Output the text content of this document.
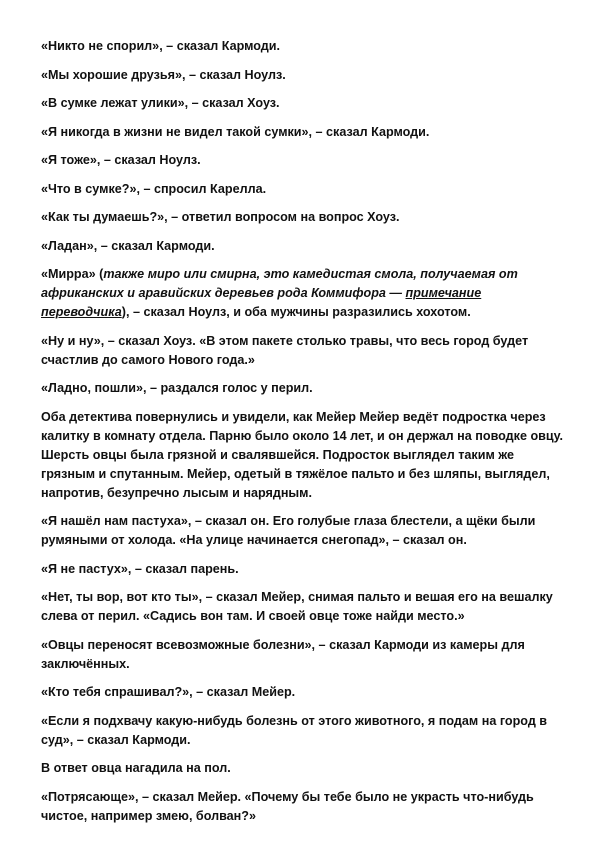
«Никто не спорил», – сказал Кармоди.

«Мы хорошие друзья», – сказал Ноулз.

«В сумке лежат улики», – сказал Хоуз.

«Я никогда в жизни не видел такой сумки», – сказал Кармоди.

«Я тоже», – сказал Ноулз.

«Что в сумке?», – спросил Карелла.

«Как ты думаешь?», – ответил вопросом на вопрос Хоуз.

«Ладан», – сказал Кармоди.

«Мирра» (также миро или смирна, это камедистая смола, получаемая от африканских и аравийских деревьев рода Коммифора — примечание переводчика), – сказал Ноулз, и оба мужчины разразились хохотом.

«Ну и ну», – сказал Хоуз. «В этом пакете столько травы, что весь город будет счастлив до самого Нового года.»

«Ладно, пошли», – раздался голос у перил.

Оба детектива повернулись и увидели, как Мейер Мейер ведёт подростка через калитку в комнату отдела. Парню было около 14 лет, и он держал на поводке овцу. Шерсть овцы была грязной и свалявшейся. Подросток выглядел таким же грязным и спутанным. Мейер, одетый в тяжёлое пальто и без шляпы, выглядел, напротив, безупречно лысым и нарядным.

«Я нашёл нам пастуха», – сказал он. Его голубые глаза блестели, а щёки были румяными от холода. «На улице начинается снегопад», – сказал он.

«Я не пастух», – сказал парень.

«Нет, ты вор, вот кто ты», – сказал Мейер, снимая пальто и вешая его на вешалку слева от перил. «Садись вон там. И своей овце тоже найди место.»

«Овцы переносят всевозможные болезни», – сказал Кармоди из камеры для заключённых.

«Кто тебя спрашивал?», – сказал Мейер.

«Если я подхвачу какую-нибудь болезнь от этого животного, я подам на город в суд», – сказал Кармоди.

В ответ овца нагадила на пол.

«Потрясающе», – сказал Мейер. «Почему бы тебе было не украсть что-нибудь чистое, например змею, болван?»
